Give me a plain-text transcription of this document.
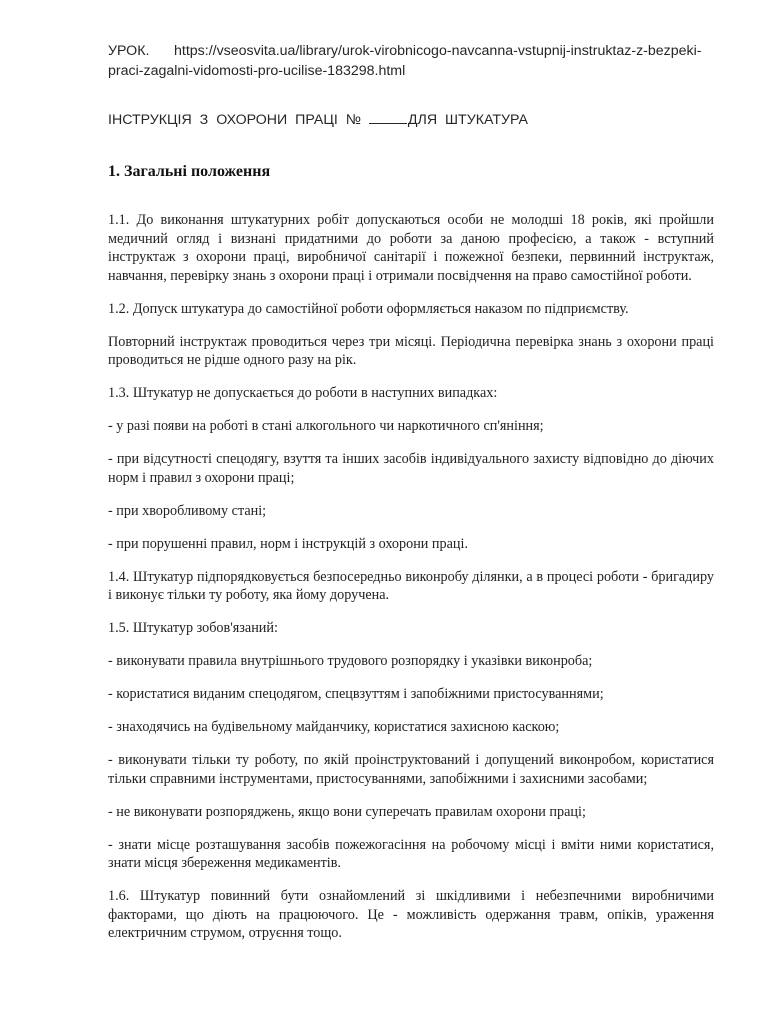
УРОК. https://vseosvita.ua/library/urok-virobnicogo-navcanna-vstupnij-instruktaz-z-bezpeki-praci-zagalni-vidomosti-pro-ucilise-183298.html
ІНСТРУКЦІЯ З ОХОРОНИ ПРАЦІ №	ДЛЯ ШТУКАТУРА
1. Загальні положення

1.1. До виконання штукатурних робіт допускаються особи не молодші 18 років, які пройшли медичний огляд і визнані придатними до роботи за даною професією, а також - вступний інструктаж з охорони праці, виробничої санітарії і пожежної безпеки, первинний інструктаж, навчання, перевірку знань з охорони праці і отримали посвідчення на право самостійної роботи.

1.2. Допуск штукатура до самостійної роботи оформляється наказом по підприємству.

Повторний інструктаж проводиться через три місяці. Періодична перевірка знань з охорони праці проводиться не рідше одного разу на рік.

1.3. Штукатур не допускається до роботи в наступних випадках:

- у разі появи на роботі в стані алкогольного чи наркотичного сп'яніння;

- при відсутності спецодягу, взуття та інших засобів індивідуального захисту відповідно до діючих норм і правил з охорони праці;

- при хворобливому стані;

- при порушенні правил, норм і інструкцій з охорони праці.

1.4. Штукатур підпорядковується безпосередньо виконробу ділянки, а в процесі роботи - бригадиру і виконує тільки ту роботу, яка йому доручена.

1.5. Штукатур зобов'язаний:

- виконувати правила внутрішнього трудового розпорядку і указівки виконроба;

- користатися виданим спецодягом, спецвзуттям і запобіжними пристосуваннями;

- знаходячись на будівельному майданчику, користатися захисною каскою;

- виконувати тільки ту роботу, по якій проінструктований і допущений виконробом, користатися тільки справними інструментами, пристосуваннями, запобіжними і захисними засобами;

- не виконувати розпоряджень, якщо вони суперечать правилам охорони праці;

- знати місце розташування засобів пожежогасіння на робочому місці і вміти ними користатися, знати місця збереження медикаментів.

1.6. Штукатур повинний бути ознайомлений зі шкідливими і небезпечними виробничими факторами, що діють на працюючого. Це - можливість одержання травм, опіків, ураження електричним струмом, отруєння тощо.
